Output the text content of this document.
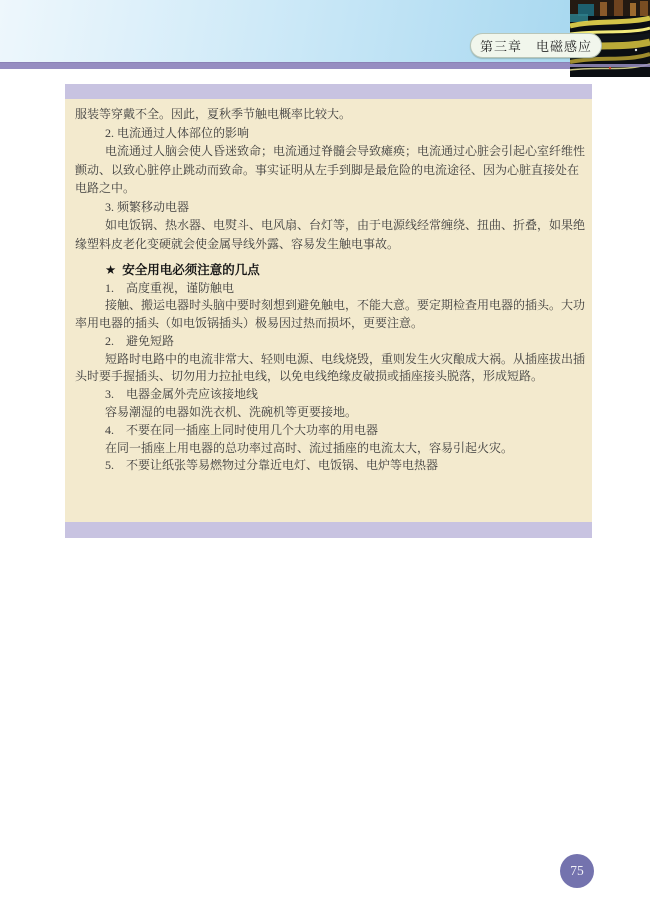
第三章　电磁感应
服装等穿戴不全。因此，夏秋季节触电概率比较大。
2. 电流通过人体部位的影响
电流通过人脑会使人昏迷致命；电流通过脊髓会导致瘫痪；电流通过心脏会引起心室纤维性
颤动、以致心脏停止跳动而致命。事实证明从左手到脚是最危险的电流途径、因为心脏直接处在
电路之中。
3. 频繁移动电器
如电饭锅、热水器、电熨斗、电风扇、台灯等，由于电源线经常缠绕、扭曲、折叠，如果绝
缘塑料皮老化变硬就会使金属导线外露、容易发生触电事故。
★ 安全用电必须注意的几点
1.　高度重视，谨防触电
接触、搬运电器时头脑中要时刻想到避免触电，不能大意。要定期检查用电器的插头。大功
率用电器的插头（如电饭锅插头）极易因过热而损坏，更要注意。
2.　避免短路
短路时电路中的电流非常大、轻则电源、电线烧毁，重则发生火灾酿成大祸。从插座拔出插
头时要手握插头、切勿用力拉扯电线，以免电线绝缘皮破损或插座接头脱落，形成短路。
3.　电器金属外壳应该接地线
容易潮湿的电器如洗衣机、洗碗机等更要接地。
4.　不要在同一插座上同时使用几个大功率的用电器
在同一插座上用电器的总功率过高时、流过插座的电流太大，容易引起火灾。
5.　不要让纸张等易燃物过分靠近电灯、电饭锅、电炉等电热器
75
